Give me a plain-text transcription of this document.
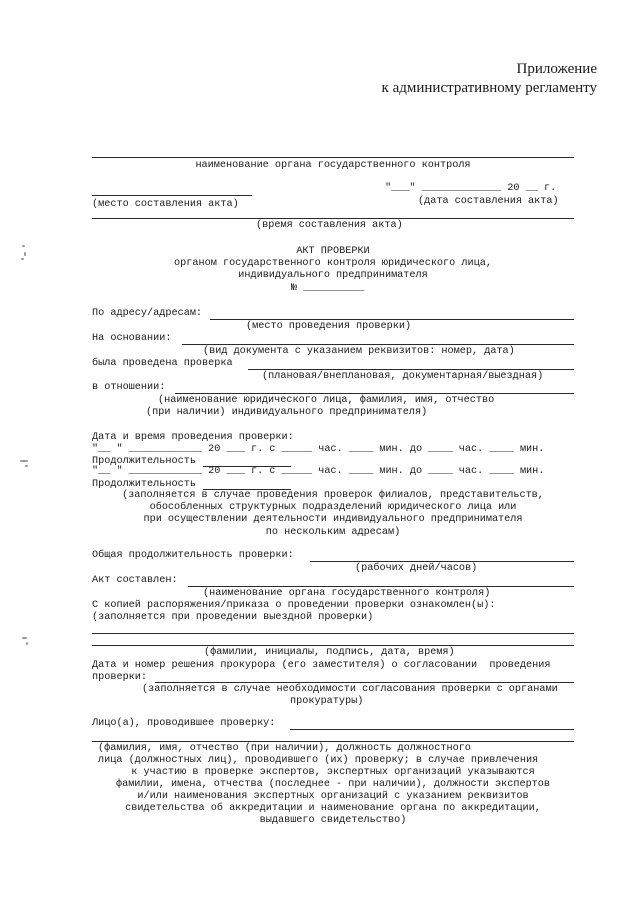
Приложение
к административному регламенту
наименование органа государственного контроля
"___" _____________ 20 __ г.
(место составления акта)	(дата составления акта)
(время составления акта)
АКТ ПРОВЕРКИ
органом государственного контроля юридического лица,
индивидуального предпринимателя
№ __________
По адресу/адресам:
(место проведения проверки)
На основании:
(вид документа с указанием реквизитов: номер, дата)
была проведена проверка
(плановая/внеплановая, документарная/выездная)
в отношении:
(наименование юридического лица, фамилия, имя, отчество
(при наличии) индивидуального предпринимателя)
Дата и время проведения проверки:
"__ " ____________ 20 ___ г. с _____ час. ____ мин. до ____ час. ____ мин.
Продолжительность
"__ " ____________ 20 ___ г. с _____ час. ____ мин. до ____ час. ____ мин.
Продолжительность
(заполняется в случае проведения проверок филиалов, представительств,
обособленных структурных подразделений юридического лица или
при осуществлении деятельности индивидуального предпринимателя
по нескольким адресам)
Общая продолжительность проверки:
(рабочих дней/часов)
Акт составлен:
(наименование органа государственного контроля)
С копией распоряжения/приказа о проведении проверки ознакомлен(ы):
(заполняется при проведении выездной проверки)
(фамилии, инициалы, подпись, дата, время)
Дата и номер решения прокурора (его заместителя) о согласовании  проведения
проверки:
(заполняется в случае необходимости согласования проверки с органами
прокуратуры)
Лицо(а), проводившее проверку:
(фамилия, имя, отчество (при наличии), должность должностного
лица (должностных лиц), проводившего (их) проверку; в случае привлечения
к участию в проверке экспертов, экспертных организаций указываются
фамилии, имена, отчества (последнее - при наличии), должности экспертов
и/или наименования экспертных организаций с указанием реквизитов
свидетельства об аккредитации и наименование органа по аккредитации,
выдавшего свидетельство)
